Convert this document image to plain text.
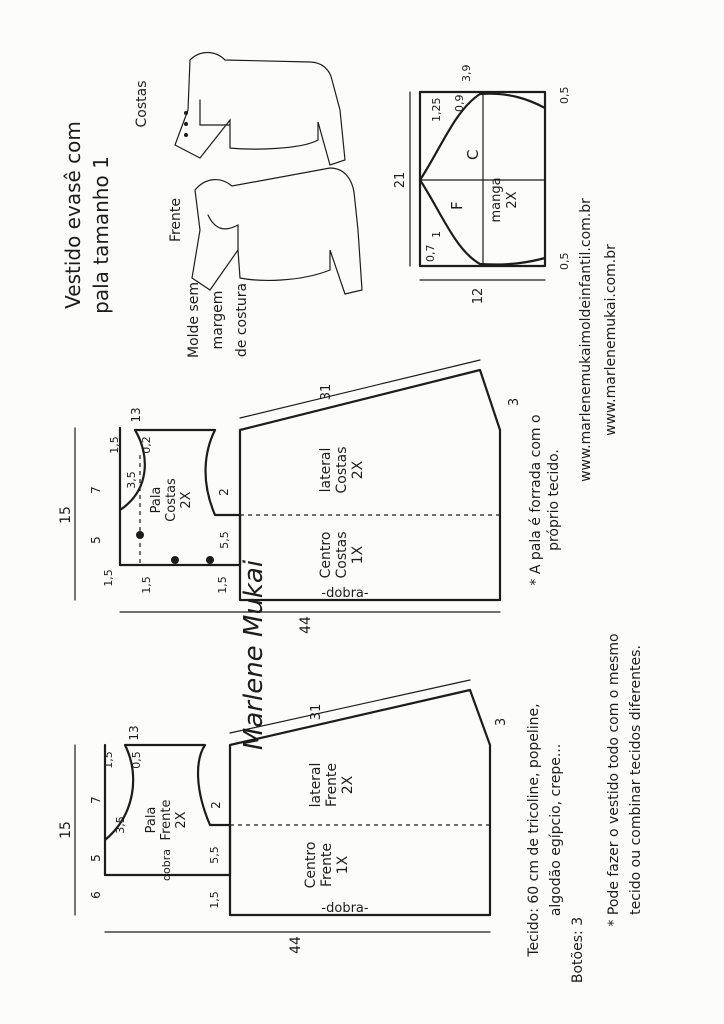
manga 2X
F
C
21
12
3,9
1,25 0,9
1
0,7	0,5
0,5
Costas
Frente
Vestido evasê com pala tamanho 1
Molde sem margem de costura
Pala Costas 2X
lateral Costas 2X
Centro Costas 1X
-dobra-
15
5
7
13
1,5 0,2
3,5
2
5,5
1,5 1,5	1,5
44
31
3
Pala Frente 2X
dobra
lateral Frente 2X
Centro Frente 1X
-dobra-
15
5
7
13
1,5 0,5
3,5
2
5,5
6	1,5
44
31
3
Marlene Mukai
* A pala é forrada com o próprio tecido.
www.marlenemukaimoldeinfantil.com.br www.marlenemukai.com.br
Tecido: 60 cm de tricoline, popeline, algodão egípcio, crepe...
Botões: 3
* Pode fazer o vestido todo com o mesmo tecido ou combinar tecidos diferentes.
